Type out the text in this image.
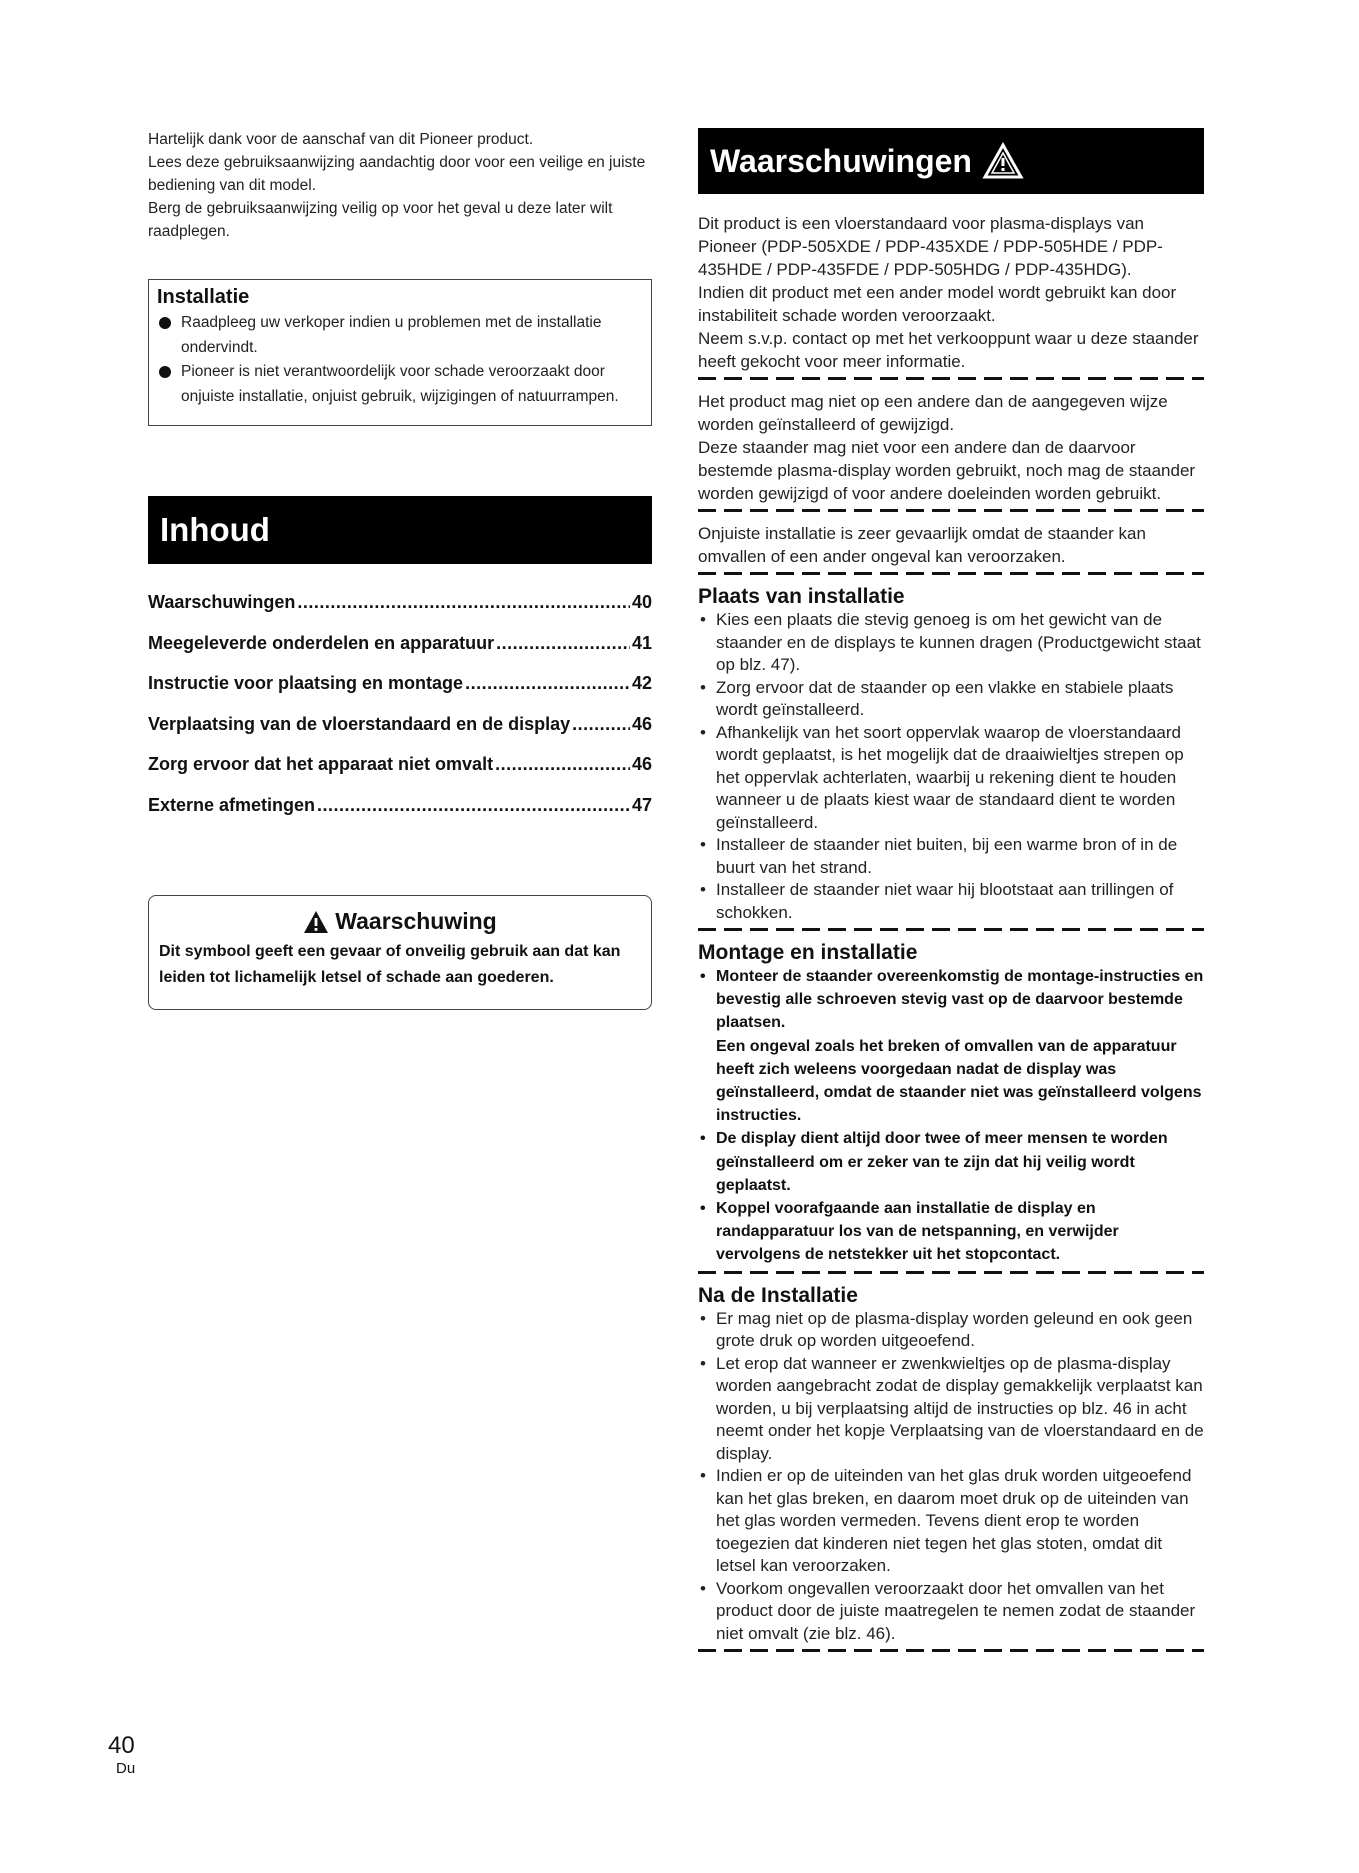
Hartelijk dank voor de aanschaf van dit Pioneer product.

Lees deze gebruiksaanwijzing aandachtig door voor een veilige en juiste bediening van dit model.

Berg de gebruiksaanwijzing veilig op voor het geval u deze later wilt raadplegen.

Installatie
Raadpleeg uw verkoper indien u problemen met de installatie ondervindt.
Pioneer is niet verantwoordelijk voor schade veroorzaakt door onjuiste installatie, onjuist gebruik, wijzigingen of natuurrampen.
Inhoud
Waarschuwingen .....	40
Meegeleverde onderdelen en apparatuur .....	41
Instructie voor plaatsing en montage .....	42
Verplaatsing van de vloerstandaard en de display .....	46
Zorg ervoor dat het apparaat niet omvalt .....	46
Externe afmetingen .....	47
Waarschuwing
Dit symbool geeft een gevaar of onveilig gebruik aan dat kan leiden tot lichamelijk letsel of schade aan goederen.
Waarschuwingen

Dit product is een vloerstandaard voor plasma-displays van Pioneer (PDP-505XDE / PDP-435XDE / PDP-505HDE / PDP-435HDE / PDP-435FDE / PDP-505HDG / PDP-435HDG).

Indien dit product met een ander model wordt gebruikt kan door instabiliteit schade worden veroorzaakt.

Neem s.v.p. contact op met het verkooppunt waar u deze staander heeft gekocht voor meer informatie.

Het product mag niet op een andere dan de aangegeven wijze worden geïnstalleerd of gewijzigd.

Deze staander mag niet voor een andere dan de daarvoor bestemde plasma-display worden gebruikt, noch mag de staander worden gewijzigd of voor andere doeleinden worden gebruikt.

Onjuiste installatie is zeer gevaarlijk omdat de staander kan omvallen of een ander ongeval kan veroorzaken.

Plaats van installatie
• Kies een plaats die stevig genoeg is om het gewicht van de staander en de displays te kunnen dragen (Productgewicht staat op blz. 47).
• Zorg ervoor dat de staander op een vlakke en stabiele plaats wordt geïnstalleerd.
• Afhankelijk van het soort oppervlak waarop de vloerstandaard wordt geplaatst, is het mogelijk dat de draaiwieltjes strepen op het oppervlak achterlaten, waarbij u rekening dient te houden wanneer u de plaats kiest waar de standaard dient te worden geïnstalleerd.
• Installeer de staander niet buiten, bij een warme bron of in de buurt van het strand.
• Installeer de staander niet waar hij blootstaat aan trillingen of schokken.
Montage en installatie
• Monteer de staander overeenkomstig de montage-instructies en bevestig alle schroeven stevig vast op de daarvoor bestemde plaatsen.
Een ongeval zoals het breken of omvallen van de apparatuur heeft zich weleens voorgedaan nadat de display was geïnstalleerd, omdat de staander niet was geïnstalleerd volgens instructies.
• De display dient altijd door twee of meer mensen te worden geïnstalleerd om er zeker van te zijn dat hij veilig wordt geplaatst.
• Koppel voorafgaande aan installatie de display en randapparatuur los van de netspanning, en verwijder vervolgens de netstekker uit het stopcontact.
Na de Installatie
• Er mag niet op de plasma-display worden geleund en ook geen grote druk op worden uitgeoefend.
• Let erop dat wanneer er zwenkwieltjes op de plasma-display worden aangebracht zodat de display gemakkelijk verplaatst kan worden, u bij verplaatsing altijd de instructies op blz. 46 in acht neemt onder het kopje Verplaatsing van de vloerstandaard en de display.
• Indien er op de uiteinden van het glas druk worden uitgeoefend kan het glas breken, en daarom moet druk op de uiteinden van het glas worden vermeden. Tevens dient erop te worden toegezien dat kinderen niet tegen het glas stoten, omdat dit letsel kan veroorzaken.
• Voorkom ongevallen veroorzaakt door het omvallen van het product door de juiste maatregelen te nemen zodat de staander niet omvalt (zie blz. 46).
40
Du
